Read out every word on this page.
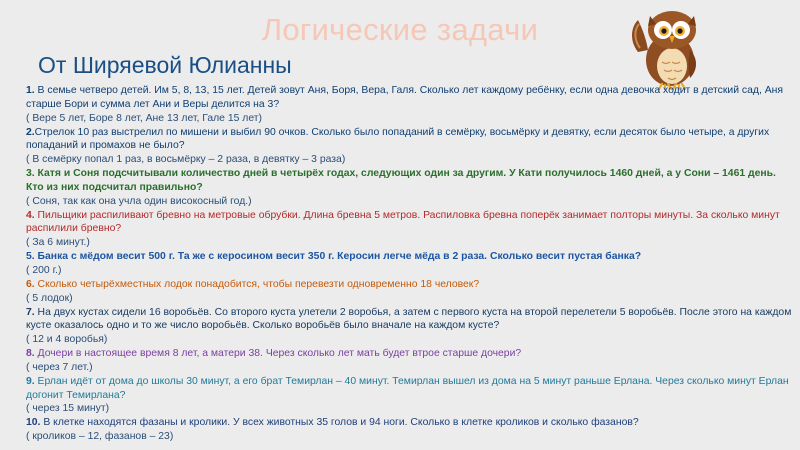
Логические задачи
От Ширяевой Юлианны

1. В семье четверо детей. Им 5, 8, 13, 15 лет. Детей зовут Аня, Боря, Вера, Галя. Сколько лет каждому ребёнку, если одна девочка ходит в детский сад, Аня старше Бори и сумма лет Ани и Веры делится на 3?

( Вере 5 лет, Боре 8 лет, Ане 13 лет, Гале 15 лет)

2.Стрелок 10 раз выстрелил по мишени и выбил 90 очков. Сколько было попаданий в семёрку, восьмёрку и девятку, если десяток было четыре, а других попаданий и промахов не было?

( В семёрку попал 1 раз, в восьмёрку – 2 раза, в девятку – 3 раза)

3. Катя и Соня подсчитывали количество дней в четырёх годах, следующих один за другим. У Кати получилось 1460 дней, а у Сони – 1461 день. Кто из них подсчитал правильно?

( Соня, так как она учла один високосный год.)

4. Пильщики распиливают бревно на метровые обрубки. Длина бревна 5 метров. Распиловка бревна поперёк занимает полторы минуты. За сколько минут распилили бревно?

( За 6 минут.)

5. Банка с мёдом весит 500 г. Та же с керосином весит 350 г. Керосин легче мёда в 2 раза. Сколько весит пустая банка?

( 200 г.)

6. Сколько четырёхместных лодок понадобится, чтобы перевезти одновременно 18 человек?

( 5 лодок)

7. На двух кустах сидели 16 воробьёв. Со второго куста улетели 2 воробья, а затем с первого куста на второй перелетели 5 воробьёв. После этого на каждом кусте оказалось одно и то же число воробьёв. Сколько воробьёв было вначале на каждом кусте?

( 12 и 4 воробья)

8. Дочери в настоящее время 8 лет, а матери 38. Через сколько лет мать будет втрое старше дочери?

( через 7 лет.)

9. Ерлан идёт от дома до школы 30 минут, а его брат Темирлан – 40 минут. Темирлан вышел из дома на 5 минут раньше Ерлана. Через сколько минут Ерлан догонит Темирлана?

( через 15 минут)

10. В клетке находятся фазаны и кролики. У всех животных 35 голов и 94 ноги. Сколько в клетке кроликов и сколько фазанов?

( кроликов – 12, фазанов – 23)
